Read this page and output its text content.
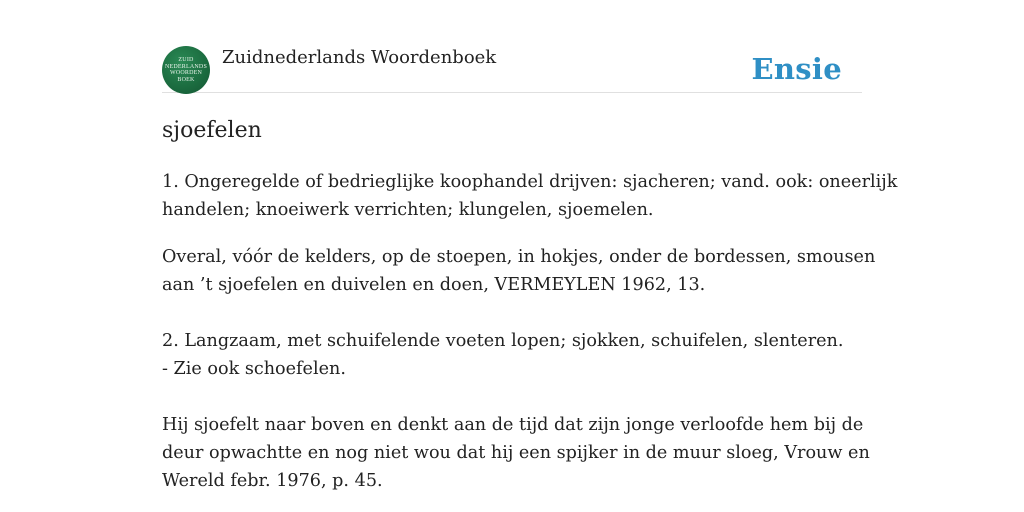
ZUID
NEDERLANDS
WOORDEN
BOEK
Zuidnederlands Woordenboek	Ensie
sjoefelen

1. Ongeregelde of bedrieglijke koophandel drijven: sjacheren; vand. ook: oneerlijk
handelen; knoeiwerk verrichten; klungelen, sjoemelen.

Overal, vóór de kelders, op de stoepen, in hokjes, onder de bordessen, smousen
aan ’t sjoefelen en duivelen en doen, VERMEYLEN 1962, 13.

2. Langzaam, met schuifelende voeten lopen; sjokken, schuifelen, slenteren.
- Zie ook schoefelen.

Hij sjoefelt naar boven en denkt aan de tijd dat zijn jonge verloofde hem bij de
deur opwachtte en nog niet wou dat hij een spijker in de muur sloeg, Vrouw en
Wereld febr. 1976, p. 45.
